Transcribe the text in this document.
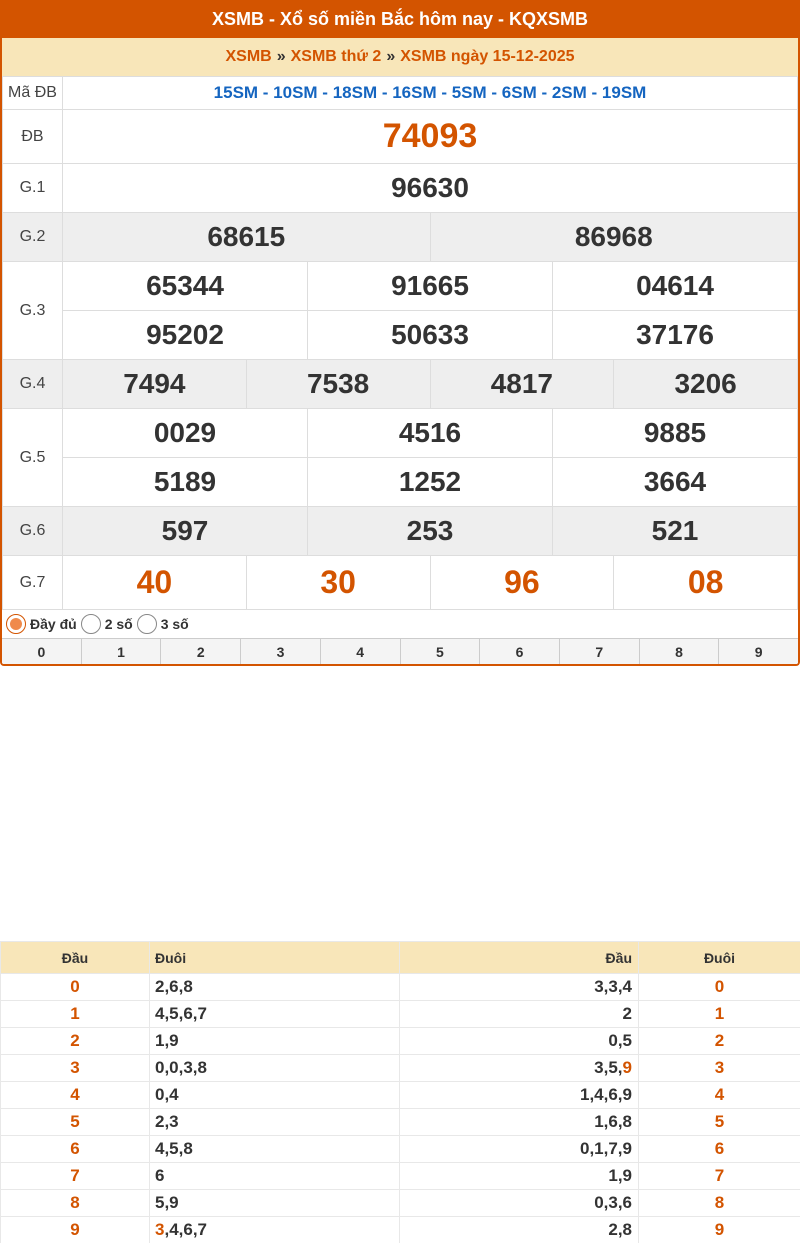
XSMB - Xổ số miền Bắc hôm nay - KQXSMB
XSMB » XSMB thứ 2 » XSMB ngày 15-12-2025
Mã ĐB	15SM - 10SM - 18SM - 16SM - 5SM - 6SM - 2SM - 19SM					
ĐB	74093					
G.1	96630					
G.2	68615			86968		
G.3	65344		91665		04614	
	95202		50633		37176	
G.4	7494	7538		4817		3206
G.5	0029		4516		9885	
	5189		1252		3664	
G.6	597		253		521	
G.7	40	30		96		08
Đầy đủ 2 số 3 số
0	1	2	3	4	5	6	7	8	9
Đầu	Đuôi	Đầu	Đuôi
0	2,6,8	3,3,4	0
1	4,5,6,7	2	1
2	1,9	0,5	2
3	0,0,3,8	3,5,9	3
4	0,4	1,4,6,9	4
5	2,3	1,6,8	5
6	4,5,8	0,1,7,9	6
7	6	1,9	7
8	5,9	0,3,6	8
9	3,4,6,7	2,8	9
